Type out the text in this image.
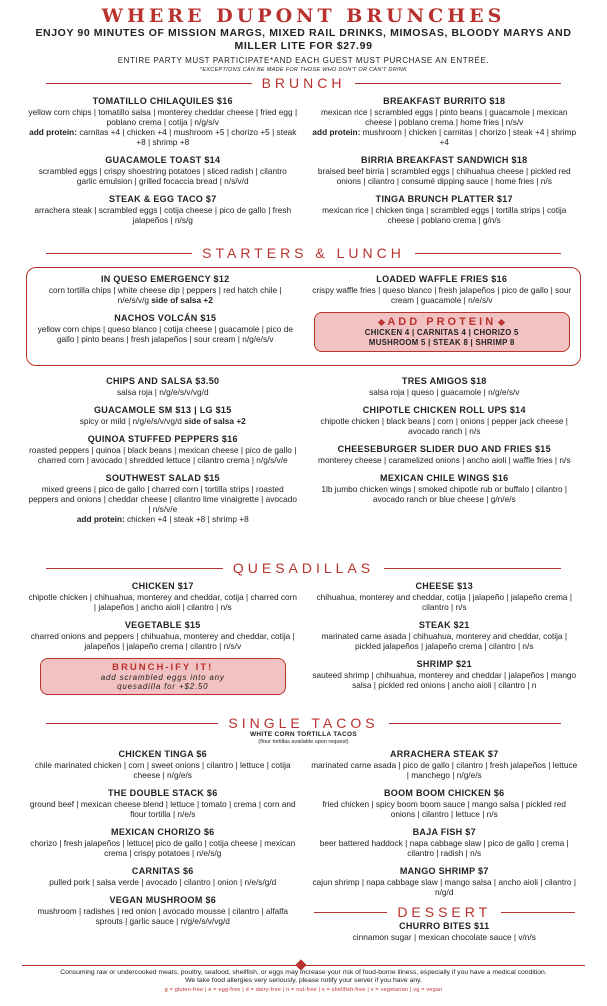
WHERE DUPONT BRUNCHES
ENJOY 90 MINUTES OF MISSION MARGS, MIXED RAIL DRINKS, MIMOSAS, BLOODY MARYS AND MILLER LITE FOR $27.99
ENTIRE PARTY MUST PARTICIPATE*AND EACH GUEST MUST PURCHASE AN ENTRÉE.
*EXCEPTIONS CAN BE MADE FOR THOSE WHO DON'T OR CAN'T DRINK
BRUNCH
TOMATILLO CHILAQUILES $16
yellow corn chips | tomatillo salsa | monterey cheddar cheese | fried egg | poblano crema | cotija | n/g/s/v
add protein: carnitas +4 | chicken +4 | mushroom +5 | chorizo +5 | steak +8 | shrimp +8
GUACAMOLE TOAST $14
scrambled eggs | crispy shoestring potatoes | sliced radish | cilantro garlic emulsion | grilled focaccia bread | n/s/v/d
STEAK & EGG TACO $7
arrachera steak | scrambled eggs | cotija cheese | pico de gallo | fresh jalapeños | n/s/g
BREAKFAST BURRITO $18
mexican rice | scrambled eggs | pinto beans | guacamole | mexican cheese | poblano crema | home fries | n/s/v
add protein: mushroom | chicken | carnitas | chorizo | steak +4 | shrimp +4
BIRRIA BREAKFAST SANDWICH $18
braised beef birria | scrambled eggs | chihuahua cheese | pickled red onions | cilantro | consumé dipping sauce | home fries | n/s
TINGA BRUNCH PLATTER $17
mexican rice | chicken tinga | scrambled eggs | tortilla strips | cotija cheese | poblano crema | g/n/s
STARTERS & LUNCH
IN QUESO EMERGENCY $12
corn tortilla chips | white cheese dip | peppers | red hatch chile | n/e/s/v/g side of salsa +2
NACHOS VOLCÁN $15
yellow corn chips | queso blanco | cotija cheese | guacamole | pico de gallo | pinto beans | fresh jalapeños | sour cream | n/g/e/s/v
LOADED WAFFLE FRIES $16
crispy waffle fries | queso blanco | fresh jalapeños | pico de gallo | sour cream | guacamole | n/e/s/v
ADD PROTEIN
CHICKEN 4 | CARNITAS 4 | CHORIZO 5
MUSHROOM 5 | STEAK 8 | SHRIMP 8
CHIPS AND SALSA $3.50
salsa roja | n/g/e/s/v/vg/d
GUACAMOLE SM $13 | LG $15
spicy or mild | n/g/e/s/v/vg/d side of salsa +2
QUINOA STUFFED PEPPERS $16
roasted peppers | quinoa | black beans | mexican cheese | pico de gallo | charred corn | avocado | shredded lettuce | cilantro crema | n/g/s/v/e
SOUTHWEST SALAD $15
mixed greens | pico de gallo | charred corn | tortilla strips | roasted peppers and onions | cheddar cheese | cilantro lime vinaigrette | avocado | n/s/v/e
add protein: chicken +4 | steak +8 | shrimp +8
TRES AMIGOS $18
salsa roja | queso | guacamole | n/g/e/s/v
CHIPOTLE CHICKEN ROLL UPS $14
chipotle chicken | black beans | corn | onions | pepper jack cheese | avocado ranch | n/s
CHEESEBURGER SLIDER DUO AND FRIES $15
monterey cheese | caramelized onions | ancho aioli | waffle fries | n/s
MEXICAN CHILE WINGS $16
1lb jumbo chicken wings | smoked chipotle rub or buffalo | cilantro | avocado ranch or blue cheese | g/n/e/s
QUESADILLAS
CHICKEN $17
chipotle chicken | chihuahua, monterey and cheddar, cotija | charred corn | jalapeños | ancho aioli | cilantro | n/s
VEGETABLE $15
charred onions and peppers | chihuahua, monterey and cheddar, cotija | jalapeños | jalapeño crema | cilantro | n/s/v
BRUNCH-IFY IT!
add scrambled eggs into any
quesadilla for +$2.50
CHEESE $13
chihuahua, monterey and cheddar, cotija | jalapeño | jalapeño crema | cilantro | n/s
STEAK $21
marinated carne asada | chihuahua, monterey and cheddar, cotija | pickled jalapeños | jalapeño crema | cilantro | n/s
SHRIMP $21
sauteed shrimp | chihuahua, monterey and cheddar | jalapeños | mango salsa | pickled red onions | ancho aioli | cilantro | n
SINGLE TACOS
WHITE CORN TORTILLA TACOS
(flour tortillas available upon request)
CHICKEN TINGA $6
chile marinated chicken | corn | sweet onions | cilantro | lettuce | cotija cheese | n/g/e/s
THE DOUBLE STACK $6
ground beef | mexican cheese blend | lettuce | tomato | crema | corn and flour tortilla | n/e/s
MEXICAN CHORIZO $6
chorizo | fresh jalapeños | lettuce| pico de gallo | cotija cheese | mexican crema | crispy potatoes | n/e/s/g
CARNITAS $6
pulled pork | salsa verde | avocado | cilantro | onion | n/e/s/g/d
VEGAN MUSHROOM $6
mushroom | radishes | red onion | avocado mousse | cilantro | alfalfa sprouts | garlic sauce | n/g/e/s/v/vg/d
ARRACHERA STEAK $7
marinated carne asada | pico de gallo | cilantro | fresh jalapeños | lettuce | manchego | n/g/e/s
BOOM BOOM CHICKEN $6
fried chicken | spicy boom boom sauce | mango salsa | pickled red onions | cilantro | lettuce | n/s
BAJA FISH $7
beer battered haddock | napa cabbage slaw | pico de gallo | crema | cilantro | radish | n/s
MANGO SHRIMP $7
cajun shrimp | napa cabbage slaw | mango salsa | ancho aioli | cilantro | n/g/d
DESSERT
CHURRO BITES $11
cinnamon sugar | mexican chocolate sauce | v/n/s
Consuming raw or undercooked meats, poultry, seafood, shellfish, or eggs may increase your risk of food-borne illness, especially if you have a medical condition. We take food allergies very seriously, please notify your server if you have any.
g = gluten-free | e = egg-free | d = dairy-free | n = nut-free | s = shellfish-free | v = vegetarian | vg = vegan
